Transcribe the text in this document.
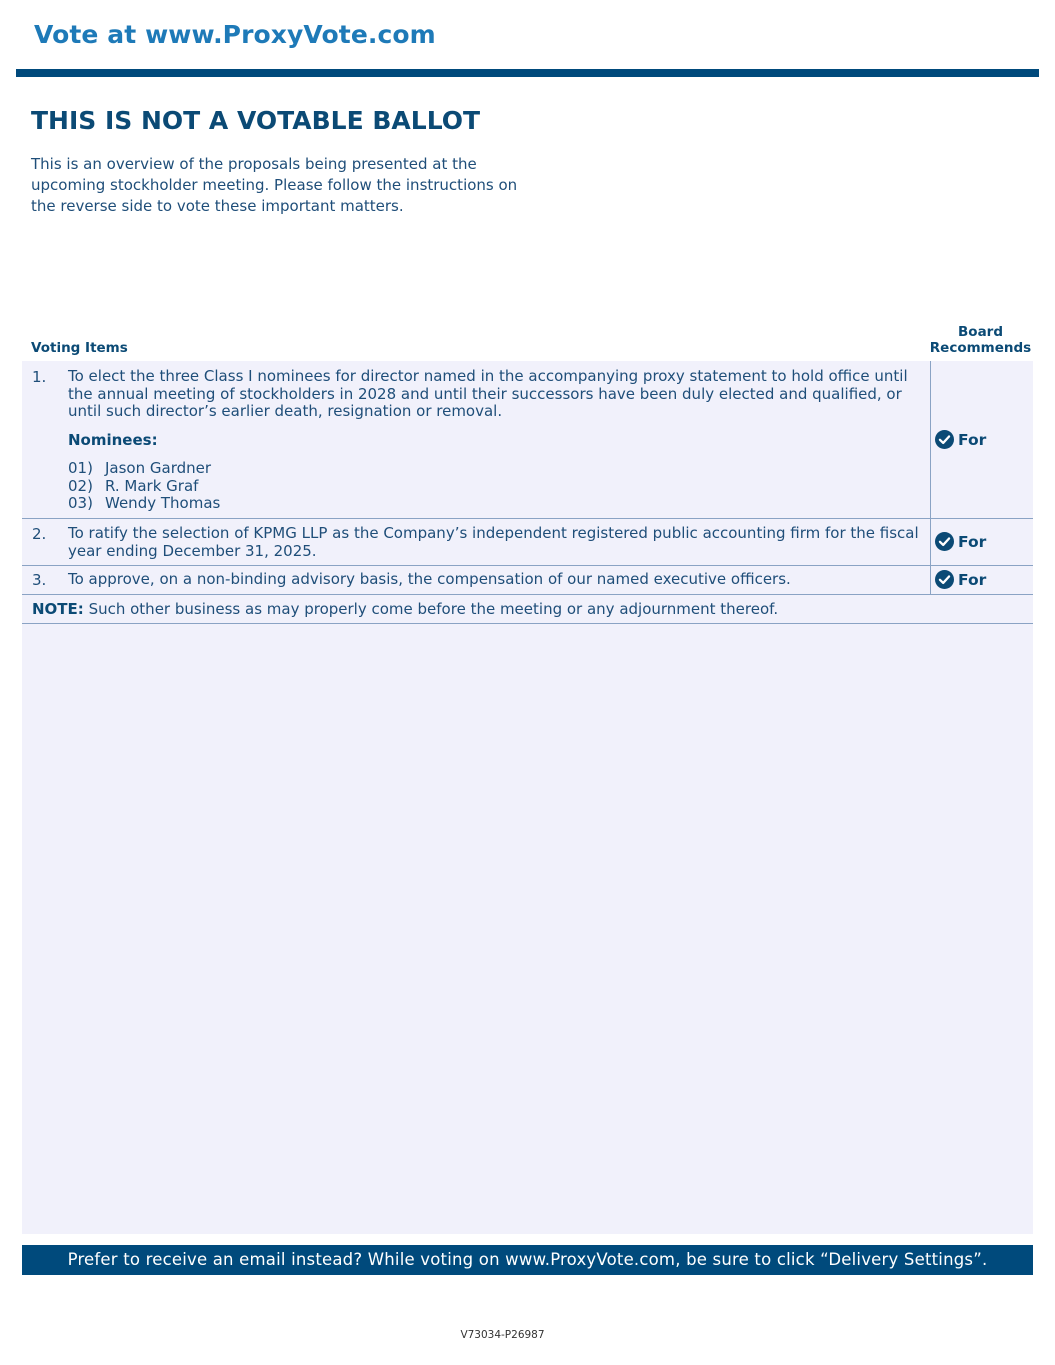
Vote at www.ProxyVote.com
THIS IS NOT A VOTABLE BALLOT
This is an overview of the proposals being presented at the upcoming stockholder meeting. Please follow the instructions on the reverse side to vote these important matters.
Voting Items
Board
Recommends
1. To elect the three Class I nominees for director named in the accompanying proxy statement to hold office until the annual meeting of stockholders in 2028 and until their successors have been duly elected and qualified, or until such director’s earlier death, resignation or removal.
Nominees:
01) Jason Gardner
02) R. Mark Graf
03) Wendy Thomas
For
2. To ratify the selection of KPMG LLP as the Company’s independent registered public accounting firm for the fiscal year ending December 31, 2025.	For
3. To approve, on a non-binding advisory basis, the compensation of our named executive officers.	For
NOTE: Such other business as may properly come before the meeting or any adjournment thereof.
Prefer to receive an email instead? While voting on www.ProxyVote.com, be sure to click “Delivery Settings”.
V73034-P26987
